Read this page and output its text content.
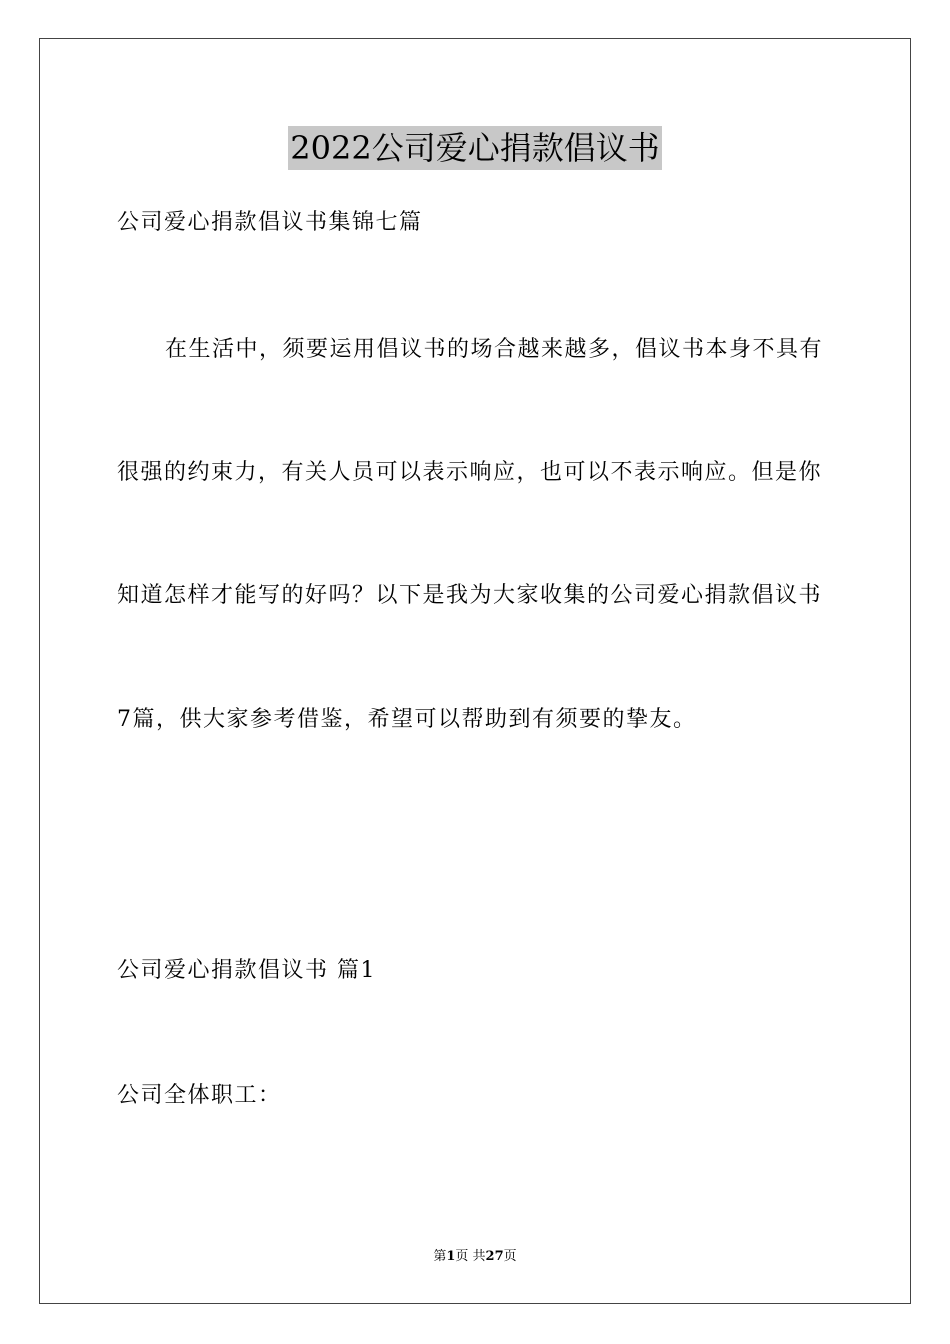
2022公司爱心捐款倡议书
公司爱心捐款倡议书集锦七篇
在生活中，须要运用倡议书的场合越来越多，倡议书本身不具有
很强的约束力，有关人员可以表示响应，也可以不表示响应。但是你
知道怎样才能写的好吗？以下是我为大家收集的公司爱心捐款倡议书
7篇，供大家参考借鉴，希望可以帮助到有须要的挚友。
公司爱心捐款倡议书 篇1
公司全体职工：
第1页 共27页
